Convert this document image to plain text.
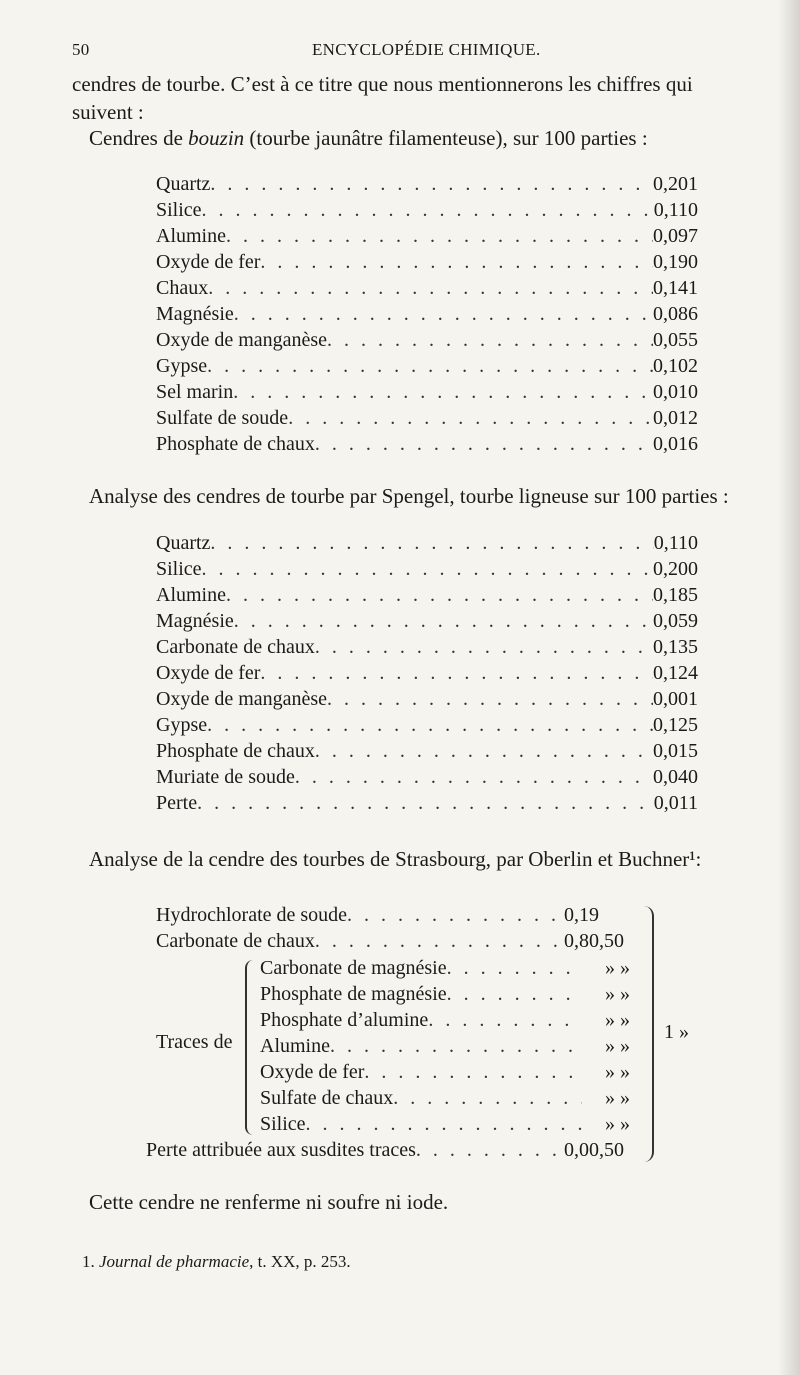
50	ENCYCLOPÉDIE CHIMIQUE.
cendres de tourbe. C’est à ce titre que nous mentionnerons les chiffres qui
suivent :
Cendres de bouzin (tourbe jaunâtre filamenteuse), sur 100 parties :
Quartz . . .	0,201
Silice . . .	0,110
Alumine . . .	0,097
Oxyde de fer . . .	0,190
Chaux . . .	0,141
Magnésie . . .	0,086
Oxyde de manganèse . . .	0,055
Gypse . . .	0,102
Sel marin . . .	0,010
Sulfate de soude . . .	0,012
Phosphate de chaux . . .	0,016
Analyse des cendres de tourbe par Spengel, tourbe ligneuse sur 100 parties :
Quartz . . .	0,110
Silice . . .	0,200
Alumine . . .	0,185
Magnésie . . .	0,059
Carbonate de chaux . . .	0,135
Oxyde de fer . . .	0,124
Oxyde de manganèse . . .	0,001
Gypse . . .	0,125
Phosphate de chaux . . .	0,015
Muriate de soude . . .	0,040
Perte . . .	0,011
Analyse de la cendre des tourbes de Strasbourg, par Oberlin et Buchner¹:
Hydrochlorate de soude . . .	0,19
Carbonate de chaux . . .	0,80,50
Traces de
Carbonate de magnésie . . .	» »
Phosphate de magnésie . . .	» »
Phosphate d’alumine . . .	» »
Alumine . . .	» »
Oxyde de fer . . .	» »
Sulfate de chaux . . .	» »
Silice . . .	» »
Perte attribuée aux susdites traces . . .	0,00,50
1 »
Cette cendre ne renferme ni soufre ni iode.
1. Journal de pharmacie, t. XX, p. 253.
